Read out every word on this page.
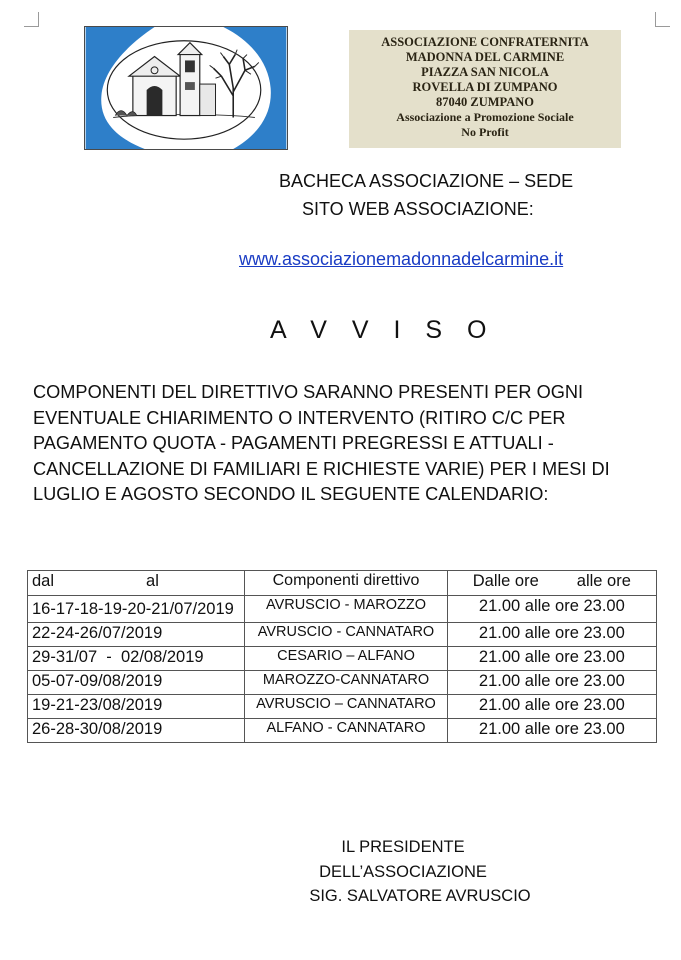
ASSOCIAZIONE CONFRATERNITA
MADONNA DEL CARMINE
PIAZZA SAN NICOLA
ROVELLA DI ZUMPANO
87040 ZUMPANO
Associazione a Promozione Sociale
No Profit
BACHECA ASSOCIAZIONE – SEDE
SITO WEB ASSOCIAZIONE:
www.associazionemadonnadelcarmine.it
A V V I S O
COMPONENTI DEL DIRETTIVO SARANNO PRESENTI PER OGNI EVENTUALE CHIARIMENTO O INTERVENTO (RITIRO C/C PER PAGAMENTO QUOTA - PAGAMENTI PREGRESSI E ATTUALI - CANCELLAZIONE DI FAMILIARI E RICHIESTE VARIE) PER I MESI DI LUGLIO E AGOSTO SECONDO IL SEGUENTE CALENDARIO:
dal al	Componenti direttivo	Dalle ore alle ore
16-17-18-19-20-21/07/2019	AVRUSCIO - MAROZZO	21.00 alle ore 23.00
22-24-26/07/2019	AVRUSCIO - CANNATARO	21.00 alle ore 23.00
29-31/07  -  02/08/2019	CESARIO – ALFANO	21.00 alle ore 23.00
05-07-09/08/2019	MAROZZO-CANNATARO	21.00 alle ore 23.00
19-21-23/08/2019	AVRUSCIO – CANNATARO	21.00 alle ore 23.00
26-28-30/08/2019	ALFANO - CANNATARO	21.00 alle ore 23.00
IL PRESIDENTE
DELL’ASSOCIAZIONE
SIG. SALVATORE AVRUSCIO
